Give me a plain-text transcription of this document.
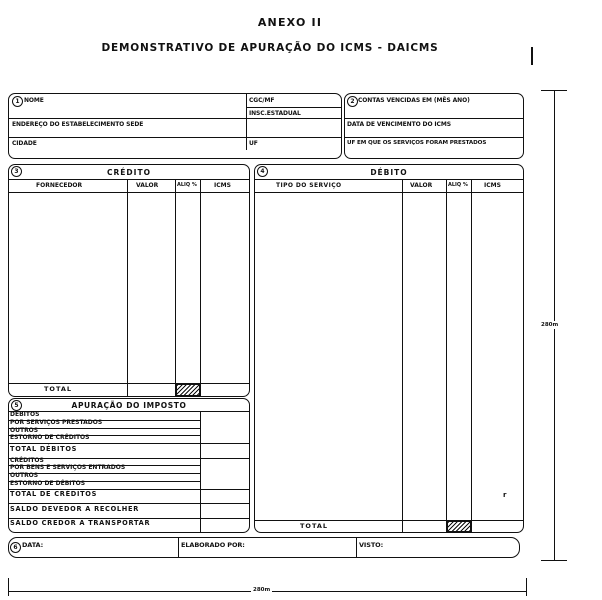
ANEXO II
DEMONSTRATIVO DE APURAÇÃO DO ICMS - DAICMS
1 NOME	CGC/MF
INSC.ESTADUAL
ENDEREÇO DO ESTABELECIMENTO SEDE
CIDADE	UF
2 CONTAS VENCIDAS EM (MÊS ANO)
DATA DE VENCIMENTO DO ICMS
UF EM QUE OS SERVIÇOS FORAM PRESTADOS
3	CRÉDITO
FORNECEDOR	VALOR	ALIQ %	ICMS
TOTAL
4	DÉBITO
TIPO DO SERVIÇO	VALOR	ALIQ %	ICMS
TOTAL
r
5	APURAÇÃO DO IMPOSTO
DÉBITOS
POR SERVIÇOS PRESTADOS
OUTROS
ESTORNO DE CRÉDITOS
TOTAL DÉBITOS
CRÉDITOS
POR BENS E SERVIÇOS ENTRADOS
OUTROS
ESTORNO DE DÉBITOS
TOTAL DE CRÉDITOS
SALDO DEVEDOR A RECOLHER
SALDO CREDOR A TRANSPORTAR
6 DATA:	ELABORADO POR:	VISTO:
280m
280m
